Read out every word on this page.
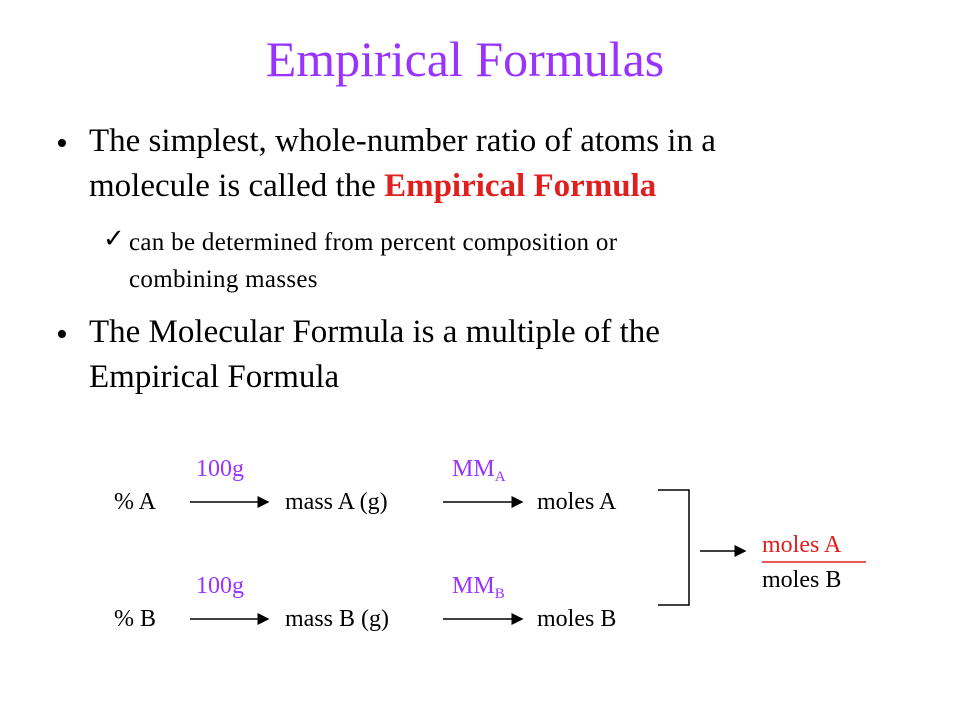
Empirical Formulas
• The simplest, whole-number ratio of atoms in a
molecule is called the Empirical Formula
✓ can be determined from percent composition or
combining masses
• The Molecular Formula is a multiple of the
Empirical Formula
% A
100g
mass A (g)
$MM_A$
moles A
% B
100g
mass B (g)
$MM_B$
moles B
moles A
moles B
